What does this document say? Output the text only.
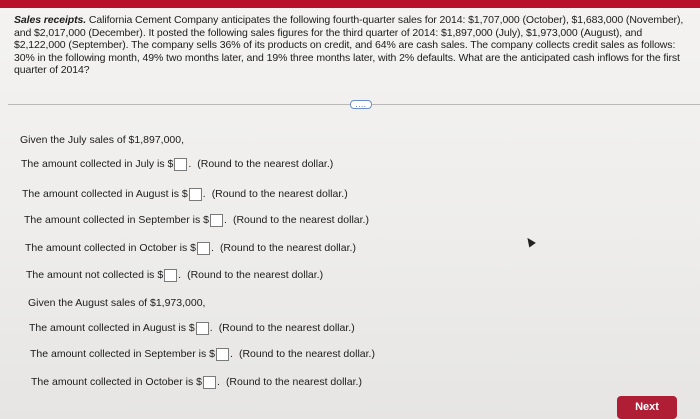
Sales receipts. California Cement Company anticipates the following fourth-quarter sales for 2014: $1,707,000 (October), $1,683,000 (November), and $2,017,000 (December). It posted the following sales figures for the third quarter of 2014: $1,897,000 (July), $1,973,000 (August), and $2,122,000 (September). The company sells 36% of its products on credit, and 64% are cash sales. The company collects credit sales as follows: 30% in the following month, 49% two months later, and 19% three months later, with 2% defaults. What are the anticipated cash inflows for the first quarter of 2014?
....
Given the July sales of $1,897,000,
The amount collected in July is $ . (Round to the nearest dollar.)
The amount collected in August is $ . (Round to the nearest dollar.)
The amount collected in September is $ . (Round to the nearest dollar.)
The amount collected in October is $ . (Round to the nearest dollar.)
The amount not collected is $ . (Round to the nearest dollar.)
Given the August sales of $1,973,000,
The amount collected in August is $ . (Round to the nearest dollar.)
The amount collected in September is $ . (Round to the nearest dollar.)
The amount collected in October is $ . (Round to the nearest dollar.)
Next
